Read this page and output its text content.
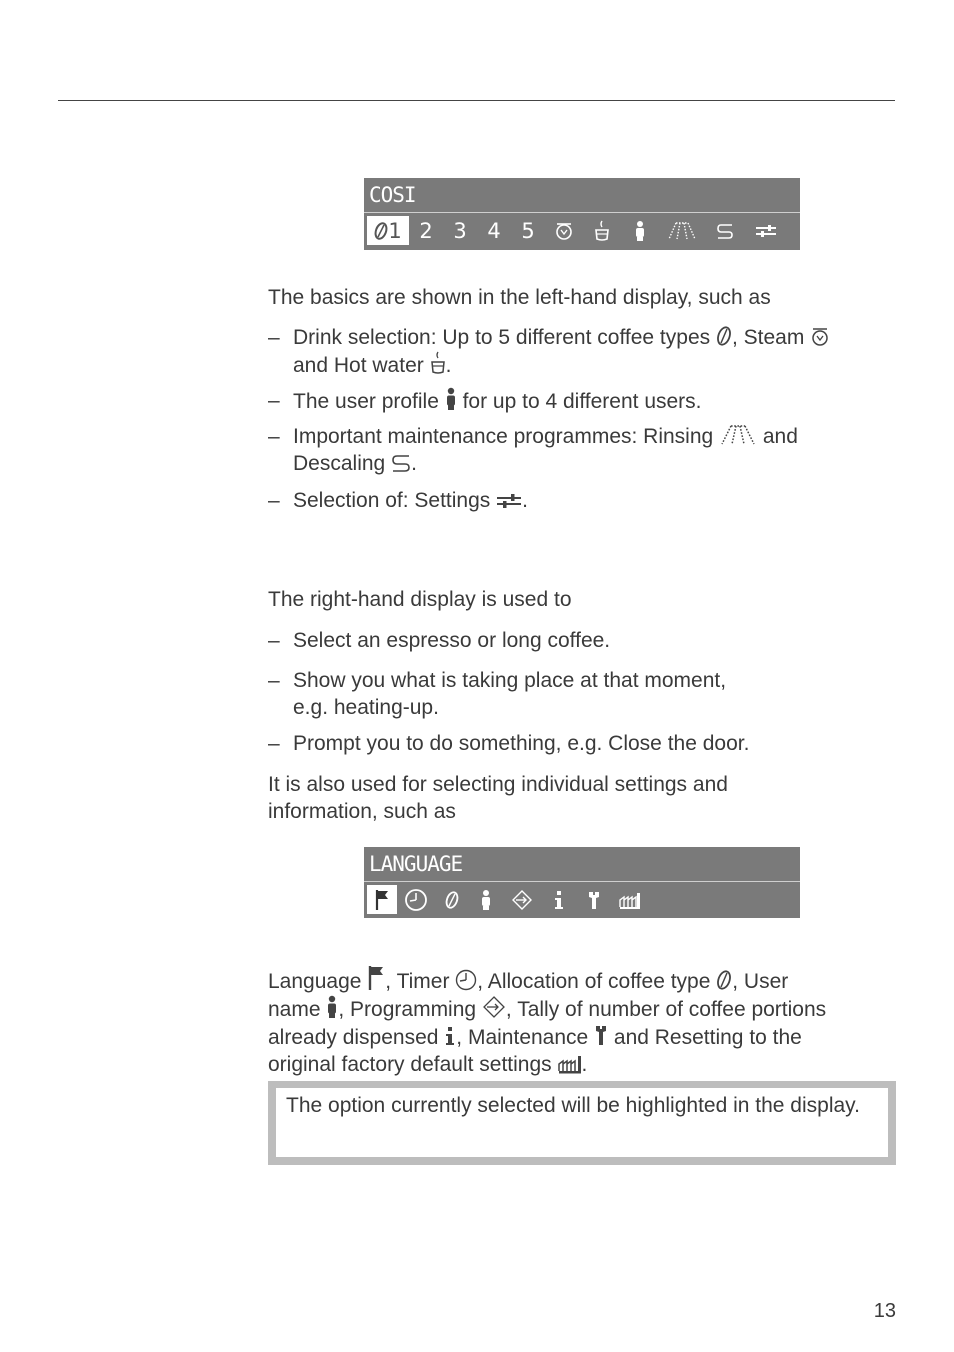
COSI
1 2 3 4 5
The basics are shown in the left-hand display, such as
– Drink selection: Up to 5 different coffee types , Steam
and Hot water .
– The user profile  for up to 4 different users.
– Important maintenance programmes: Rinsing  and
Descaling .
– Selection of: Settings .
The right-hand display is used to
– Select an espresso or long coffee.
– Show you what is taking place at that moment,
e.g. heating-up.
– Prompt you to do something, e.g. Close the door.
It is also used for selecting individual settings and
information, such as
LANGUAGE
Language , Timer , Allocation of coffee type , User
name , Programming , Tally of number of coffee portions
already dispensed , Maintenance  and Resetting to the
original factory default settings .
The option currently selected will be highlighted in the display.
13
